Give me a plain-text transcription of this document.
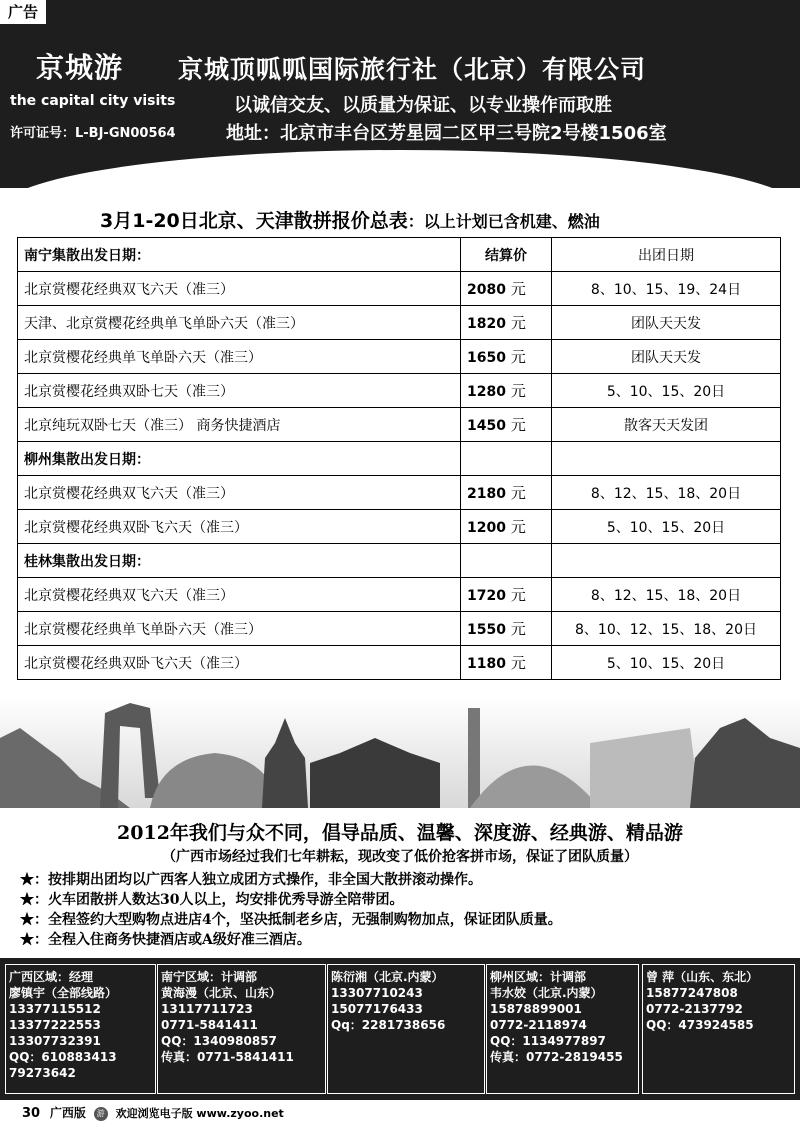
广告
京城游 京城顶呱呱国际旅行社（北京）有限公司
the capital city visits	以诚信交友、以质量为保证、以专业操作而取胜
许可证号：L-BJ-GN00564	地址：北京市丰台区芳星园二区甲三号院2号楼1506室
3月1-20日北京、天津散拼报价总表：以上计划已含机建、燃油
南宁集散出发日期：	结算价	出团日期
北京赏樱花经典双飞六天（准三）	2080 元	8、10、15、19、24日
天津、北京赏樱花经典单飞单卧六天（准三）	1820 元	团队天天发
北京赏樱花经典单飞单卧六天（准三）	1650 元	团队天天发
北京赏樱花经典双卧七天（准三）	1280 元	5、10、15、20日
北京纯玩双卧七天（准三） 商务快捷酒店	1450 元	散客天天发团
柳州集散出发日期：		
北京赏樱花经典双飞六天（准三）	2180 元	8、12、15、18、20日
北京赏樱花经典双卧飞六天（准三）	1200 元	5、10、15、20日
桂林集散出发日期：		
北京赏樱花经典双飞六天（准三）	1720 元	8、12、15、18、20日
北京赏樱花经典单飞单卧六天（准三）	1550 元	8、10、12、15、18、20日
北京赏樱花经典双卧飞六天（准三）	1180 元	5、10、15、20日
2012年我们与众不同，倡导品质、温馨、深度游、经典游、精品游
（广西市场经过我们七年耕耘，现改变了低价抢客拼市场，保证了团队质量）
★：按排期出团均以广西客人独立成团方式操作，非全国大散拼滚动操作。
★：火车团散拼人数达30人以上，均安排优秀导游全陪带团。
★：全程签约大型购物点进店4个，坚决抵制老乡店，无强制购物加点，保证团队质量。
★：全程入住商务快捷酒店或A级好准三酒店。
广西区域：经理
廖镇宇（全部线路）
13377115512
13377222553
13307732391
QQ：610883413
79273642
南宁区域：计调部
黄海漫（北京、山东）
13117711723
0771-5841411
QQ：1340980857
传真：0771-5841411
陈衍湘（北京.内蒙）
13307710243
15077176433
Qq：2281738656
柳州区域：计调部
韦水姣（北京.内蒙）
15878899001
0772-2118974
QQ：1134977897
传真：0772-2819455
曾 萍（山东、东北）
15877247808
0772-2137792
QQ：473924585
30 广西版 游 欢迎浏览电子版 www.zyoo.net
